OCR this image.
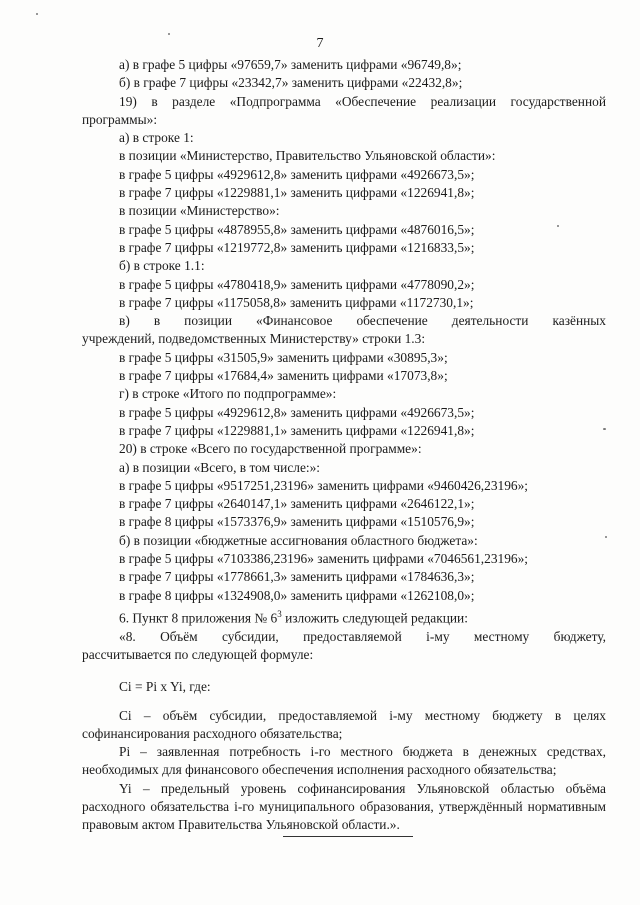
7

а) в графе 5 цифры «97659,7» заменить цифрами «96749,8»;

б) в графе 7 цифры «23342,7» заменить цифрами «22432,8»;

19) в разделе «Подпрограмма «Обеспечение реализации государственной программы»:

а) в строке 1:

в позиции «Министерство, Правительство Ульяновской области»:

в графе 5 цифры «4929612,8» заменить цифрами «4926673,5»;

в графе 7 цифры «1229881,1» заменить цифрами «1226941,8»;

в позиции «Министерство»:

в графе 5 цифры «4878955,8» заменить цифрами «4876016,5»;

в графе 7 цифры «1219772,8» заменить цифрами «1216833,5»;

б) в строке 1.1:

в графе 5 цифры «4780418,9» заменить цифрами «4778090,2»;

в графе 7 цифры «1175058,8» заменить цифрами «1172730,1»;

в) в позиции «Финансовое обеспечение деятельности казённых

учреждений, подведомственных Министерству» строки 1.3:

в графе 5 цифры «31505,9» заменить цифрами «30895,3»;

в графе 7 цифры «17684,4» заменить цифрами «17073,8»;

г) в строке «Итого по подпрограмме»:

в графе 5 цифры «4929612,8» заменить цифрами «4926673,5»;

в графе 7 цифры «1229881,1» заменить цифрами «1226941,8»;

20) в строке «Всего по государственной программе»:

а) в позиции «Всего, в том числе:»:

в графе 5 цифры «9517251,23196» заменить цифрами «9460426,23196»;

в графе 7 цифры «2640147,1» заменить цифрами «2646122,1»;

в графе 8 цифры «1573376,9» заменить цифрами «1510576,9»;

б) в позиции «бюджетные ассигнования областного бюджета»:

в графе 5 цифры «7103386,23196» заменить цифрами «7046561,23196»;

в графе 7 цифры «1778661,3» заменить цифрами «1784636,3»;

в графе 8 цифры «1324908,0» заменить цифрами «1262108,0»;

6. Пункт 8 приложения № $6^3$ изложить следующей редакции:

«8. Объём субсидии, предоставляемой i-му местному бюджету,

рассчитывается по следующей формуле:

Ci = Pi x Yi, где:

Ci – объём субсидии, предоставляемой i-му местному бюджету в целях софинансирования расходного обязательства;

Pi – заявленная потребность i-го местного бюджета в денежных средствах, необходимых для финансового обеспечения исполнения расходного обязательства;

Yi – предельный уровень софинансирования Ульяновской областью объёма расходного обязательства i-го муниципального образования, утверждённый нормативным правовым актом Правительства Ульяновской области.».
